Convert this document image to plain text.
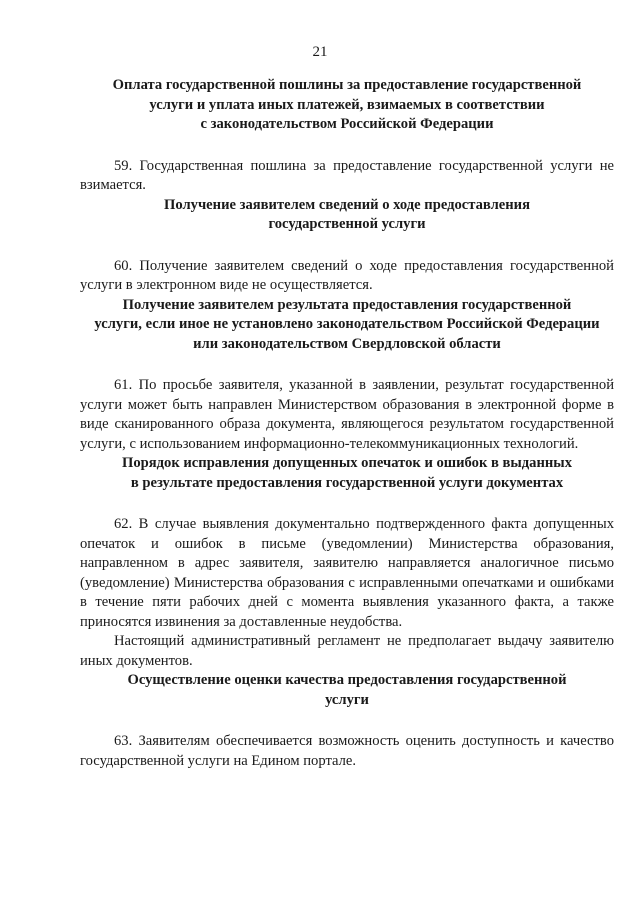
21

Оплата государственной пошлины за предоставление государственной
услуги и уплата иных платежей, взимаемых в соответствии
с законодательством Российской Федерации

59. Государственная пошлина за предоставление государственной услуги не взимается.

Получение заявителем сведений о ходе предоставления
государственной услуги

60. Получение заявителем сведений о ходе предоставления государственной услуги в электронном виде не осуществляется.

Получение заявителем результата предоставления государственной
услуги, если иное не установлено законодательством Российской Федерации
или законодательством Свердловской области

61. По просьбе заявителя, указанной в заявлении, результат государственной услуги может быть направлен Министерством образования в электронной форме в виде сканированного образа документа, являющегося результатом государственной услуги, с использованием информационно-телекоммуникационных технологий.

Порядок исправления допущенных опечаток и ошибок в выданных
в результате предоставления государственной услуги документах

62. В случае выявления документально подтвержденного факта допущенных опечаток и ошибок в письме (уведомлении) Министерства образования, направленном в адрес заявителя, заявителю направляется аналогичное письмо (уведомление) Министерства образования с исправленными опечатками и ошибками в течение пяти рабочих дней с момента выявления указанного факта, а также приносятся извинения за доставленные неудобства.

Настоящий административный регламент не предполагает выдачу заявителю иных документов.

Осуществление оценки качества предоставления государственной
услуги

63. Заявителям обеспечивается возможность оценить доступность и качество государственной услуги на Едином портале.
